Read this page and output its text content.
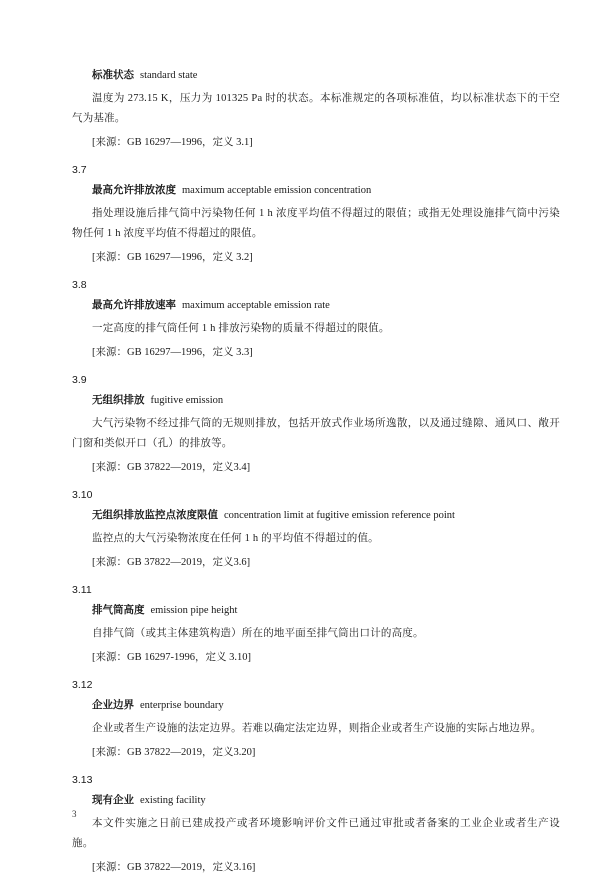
标准状态 standard state

温度为 273.15 K，压力为 101325 Pa 时的状态。本标准规定的各项标准值，均以标准状态下的干空气为基准。

[来源：GB 16297—1996，定义 3.1]
3.7
最高允许排放浓度 maximum acceptable emission concentration

指处理设施后排气筒中污染物任何 1 h 浓度平均值不得超过的限值；或指无处理设施排气筒中污染物任何 1 h 浓度平均值不得超过的限值。

[来源：GB 16297—1996，定义 3.2]
3.8
最高允许排放速率 maximum acceptable emission rate

一定高度的排气筒任何 1 h 排放污染物的质量不得超过的限值。

[来源：GB 16297—1996，定义 3.3]
3.9
无组织排放 fugitive emission

大气污染物不经过排气筒的无规则排放，包括开放式作业场所逸散，以及通过缝隙、通风口、敞开门窗和类似开口（孔）的排放等。

[来源：GB 37822—2019，定义3.4]
3.10
无组织排放监控点浓度限值 concentration limit at fugitive emission reference point

监控点的大气污染物浓度在任何 1 h 的平均值不得超过的值。

[来源：GB 37822—2019，定义3.6]
3.11
排气筒高度 emission pipe height

自排气筒（或其主体建筑构造）所在的地平面至排气筒出口计的高度。

[来源：GB 16297-1996，定义 3.10]
3.12
企业边界 enterprise boundary

企业或者生产设施的法定边界。若难以确定法定边界，则指企业或者生产设施的实际占地边界。

[来源：GB 37822—2019，定义3.20]
3.13
现有企业 existing facility

本文件实施之日前已建成投产或者环境影响评价文件已通过审批或者备案的工业企业或者生产设施。

[来源：GB 37822—2019，定义3.16]
3
